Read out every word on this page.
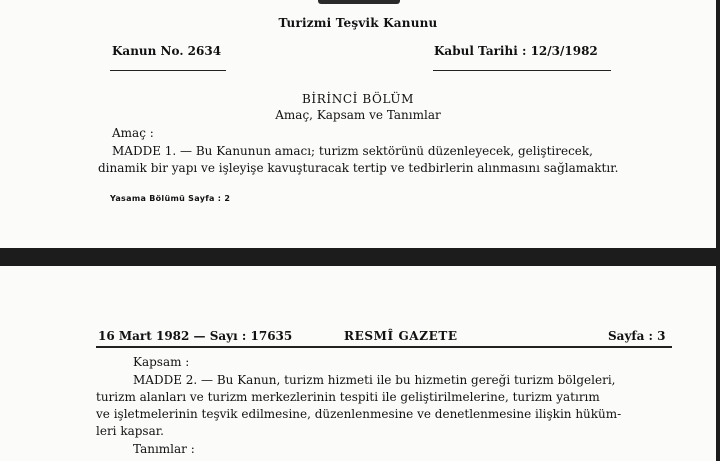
Turizmi Teşvik Kanunu
Kanun No. 2634	Kabul Tarihi : 12/3/1982
BİRİNCİ BÖLÜM
Amaç, Kapsam ve Tanımlar
Amaç :

MADDE 1. — Bu Kanunun amacı; turizm sektörünü düzenleyecek, geliştirecek,
dinamik bir yapı ve işleyişe kavuşturacak tertip ve tedbirlerin alınmasını sağlamaktır.

Yasama Bölümü Sayfa : 2
16 Mart 1982 — Sayı : 17635	RESMÎ GAZETE	Sayfa : 3
Kapsam :

MADDE 2. — Bu Kanun, turizm hizmeti ile bu hizmetin gereği turizm bölgeleri,
turizm alanları ve turizm merkezlerinin tespiti ile geliştirilmelerine, turizm yatırım
ve işletmelerinin teşvik edilmesine, düzenlenmesine ve denetlenmesine ilişkin hüküm-
leri kapsar.

Tanımlar :
